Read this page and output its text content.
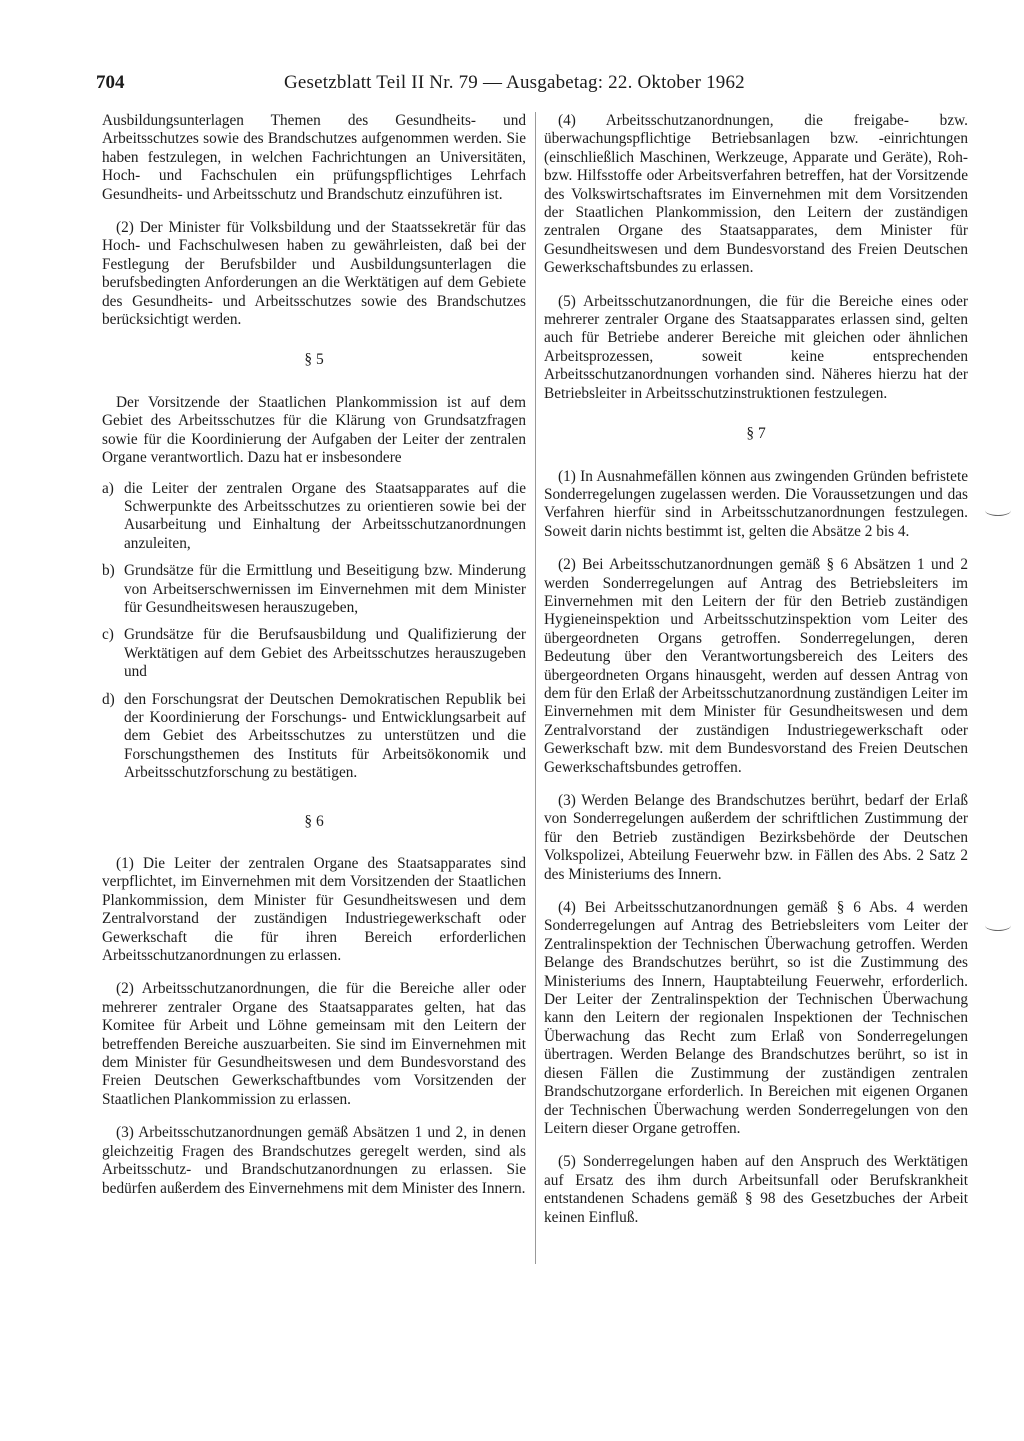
704	Gesetzblatt Teil II Nr. 79 — Ausgabetag: 22. Oktober 1962

Ausbildungsunterlagen Themen des Gesundheits- und Arbeitsschutzes sowie des Brandschutzes aufgenommen werden. Sie haben festzulegen, in welchen Fachrichtungen an Universitäten, Hoch- und Fachschulen ein prüfungspflichtiges Lehrfach Gesundheits- und Arbeitsschutz und Brandschutz einzuführen ist.

(2) Der Minister für Volksbildung und der Staatssekretär für das Hoch- und Fachschulwesen haben zu gewährleisten, daß bei der Festlegung der Berufsbilder und Ausbildungsunterlagen die berufsbedingten Anforderungen an die Werktätigen auf dem Gebiete des Gesundheits- und Arbeitsschutzes sowie des Brandschutzes berücksichtigt werden.

§ 5

Der Vorsitzende der Staatlichen Plankommission ist auf dem Gebiet des Arbeitsschutzes für die Klärung von Grundsatzfragen sowie für die Koordinierung der Aufgaben der Leiter der zentralen Organe verantwortlich. Dazu hat er insbesondere

a) die Leiter der zentralen Organe des Staatsapparates auf die Schwerpunkte des Arbeitsschutzes zu orientieren sowie bei der Ausarbeitung und Einhaltung der Arbeitsschutzanordnungen anzuleiten,
b) Grundsätze für die Ermittlung und Beseitigung bzw. Minderung von Arbeitserschwernissen im Einvernehmen mit dem Minister für Gesundheitswesen herauszugeben,
c) Grundsätze für die Berufsausbildung und Qualifizierung der Werktätigen auf dem Gebiet des Arbeitsschutzes herauszugeben und
d) den Forschungsrat der Deutschen Demokratischen Republik bei der Koordinierung der Forschungs- und Entwicklungsarbeit auf dem Gebiet des Arbeitsschutzes zu unterstützen und die Forschungsthemen des Instituts für Arbeitsökonomik und Arbeitsschutzforschung zu bestätigen.
§ 6

(1) Die Leiter der zentralen Organe des Staatsapparates sind verpflichtet, im Einvernehmen mit dem Vorsitzenden der Staatlichen Plankommission, dem Minister für Gesundheitswesen und dem Zentralvorstand der zuständigen Industriegewerkschaft oder Gewerkschaft die für ihren Bereich erforderlichen Arbeitsschutzanordnungen zu erlassen.

(2) Arbeitsschutzanordnungen, die für die Bereiche aller oder mehrerer zentraler Organe des Staatsapparates gelten, hat das Komitee für Arbeit und Löhne gemeinsam mit den Leitern der betreffenden Bereiche auszuarbeiten. Sie sind im Einvernehmen mit dem Minister für Gesundheitswesen und dem Bundesvorstand des Freien Deutschen Gewerkschaftbundes vom Vorsitzenden der Staatlichen Plankommission zu erlassen.

(3) Arbeitsschutzanordnungen gemäß Absätzen 1 und 2, in denen gleichzeitig Fragen des Brandschutzes geregelt werden, sind als Arbeitsschutz- und Brandschutzanordnungen zu erlassen. Sie bedürfen außerdem des Einvernehmens mit dem Minister des Innern.

(4) Arbeitsschutzanordnungen, die freigabe- bzw. überwachungspflichtige Betriebsanlagen bzw. -einrichtungen (einschließlich Maschinen, Werkzeuge, Apparate und Geräte), Roh- bzw. Hilfsstoffe oder Arbeitsverfahren betreffen, hat der Vorsitzende des Volkswirtschaftsrates im Einvernehmen mit dem Vorsitzenden der Staatlichen Plankommission, den Leitern der zuständigen zentralen Organe des Staatsapparates, dem Minister für Gesundheitswesen und dem Bundesvorstand des Freien Deutschen Gewerkschaftsbundes zu erlassen.

(5) Arbeitsschutzanordnungen, die für die Bereiche eines oder mehrerer zentraler Organe des Staatsapparates erlassen sind, gelten auch für Betriebe anderer Bereiche mit gleichen oder ähnlichen Arbeitsprozessen, soweit keine entsprechenden Arbeitsschutzanordnungen vorhanden sind. Näheres hierzu hat der Betriebsleiter in Arbeitsschutzinstruktionen festzulegen.

§ 7

(1) In Ausnahmefällen können aus zwingenden Gründen befristete Sonderregelungen zugelassen werden. Die Voraussetzungen und das Verfahren hierfür sind in Arbeitsschutzanordnungen festzulegen. Soweit darin nichts bestimmt ist, gelten die Absätze 2 bis 4.

(2) Bei Arbeitsschutzanordnungen gemäß § 6 Absätzen 1 und 2 werden Sonderregelungen auf Antrag des Betriebsleiters im Einvernehmen mit den Leitern der für den Betrieb zuständigen Hygieneinspektion und Arbeitsschutzinspektion vom Leiter des übergeordneten Organs getroffen. Sonderregelungen, deren Bedeutung über den Verantwortungsbereich des Leiters des übergeordneten Organs hinausgeht, werden auf dessen Antrag von dem für den Erlaß der Arbeitsschutzanordnung zuständigen Leiter im Einvernehmen mit dem Minister für Gesundheitswesen und dem Zentralvorstand der zuständigen Industriegewerkschaft oder Gewerkschaft bzw. mit dem Bundesvorstand des Freien Deutschen Gewerkschaftsbundes getroffen.

(3) Werden Belange des Brandschutzes berührt, bedarf der Erlaß von Sonderregelungen außerdem der schriftlichen Zustimmung der für den Betrieb zuständigen Bezirksbehörde der Deutschen Volkspolizei, Abteilung Feuerwehr bzw. in Fällen des Abs. 2 Satz 2 des Ministeriums des Innern.

(4) Bei Arbeitsschutzanordnungen gemäß § 6 Abs. 4 werden Sonderregelungen auf Antrag des Betriebsleiters vom Leiter der Zentralinspektion der Technischen Überwachung getroffen. Werden Belange des Brandschutzes berührt, so ist die Zustimmung des Ministeriums des Innern, Hauptabteilung Feuerwehr, erforderlich. Der Leiter der Zentralinspektion der Technischen Überwachung kann den Leitern der regionalen Inspektionen der Technischen Überwachung das Recht zum Erlaß von Sonderregelungen übertragen. Werden Belange des Brandschutzes berührt, so ist in diesen Fällen die Zustimmung der zuständigen zentralen Brandschutzorgane erforderlich. In Bereichen mit eigenen Organen der Technischen Überwachung werden Sonderregelungen von den Leitern dieser Organe getroffen.

(5) Sonderregelungen haben auf den Anspruch des Werktätigen auf Ersatz des ihm durch Arbeitsunfall oder Berufskrankheit entstandenen Schadens gemäß § 98 des Gesetzbuches der Arbeit keinen Einfluß.
